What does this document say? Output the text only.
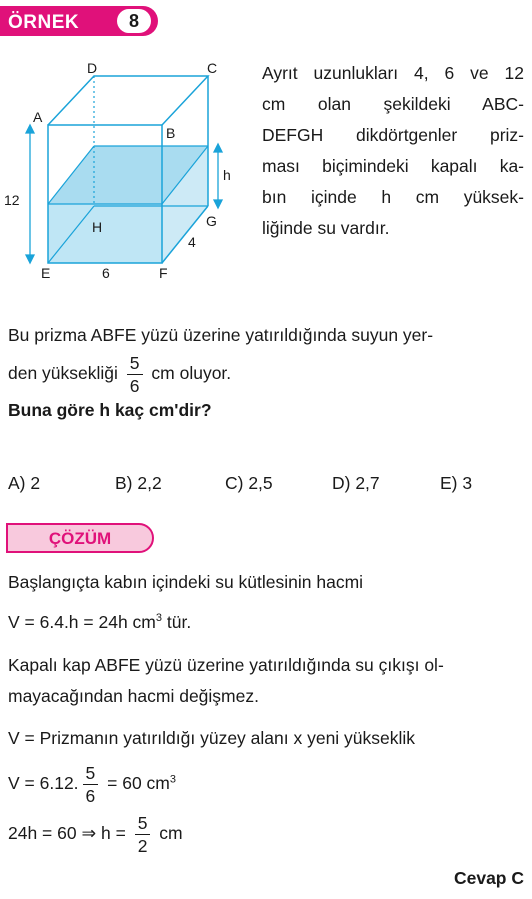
ÖRNEK	8
D	C
A
B
G
H
E	F
12
6
4
h
Ayrıt uzunlukları 4, 6 ve 12
cm olan şekildeki ABC-
DEFGH dikdörtgenler priz-
ması biçimindeki kapalı ka-
bın içinde h cm yüksek-
liğinde su vardır.
Bu prizma ABFE yüzü üzerine yatırıldığında suyun yer-
den yüksekliği $\frac{5}{6}$ cm oluyor.
Buna göre h kaç cm'dir?
A) 2	B) 2,2	C) 2,5	D) 2,7	E) 3
ÇÖZÜM
Başlangıçta kabın içindeki su kütlesinin hacmi
V = 6.4.h = 24h $cm^3$ tür.
Kapalı kap ABFE yüzü üzerine yatırıldığında su çıkışı ol-
mayacağından hacmi değişmez.
V = Prizmanın yatırıldığı yüzey alanı x yeni yükseklik
V = 6.12. $\frac{5}{6} = 60$ $cm^3$
24h = 60 ⇒ $h = \frac{5}{2}$ cm
Cevap C
